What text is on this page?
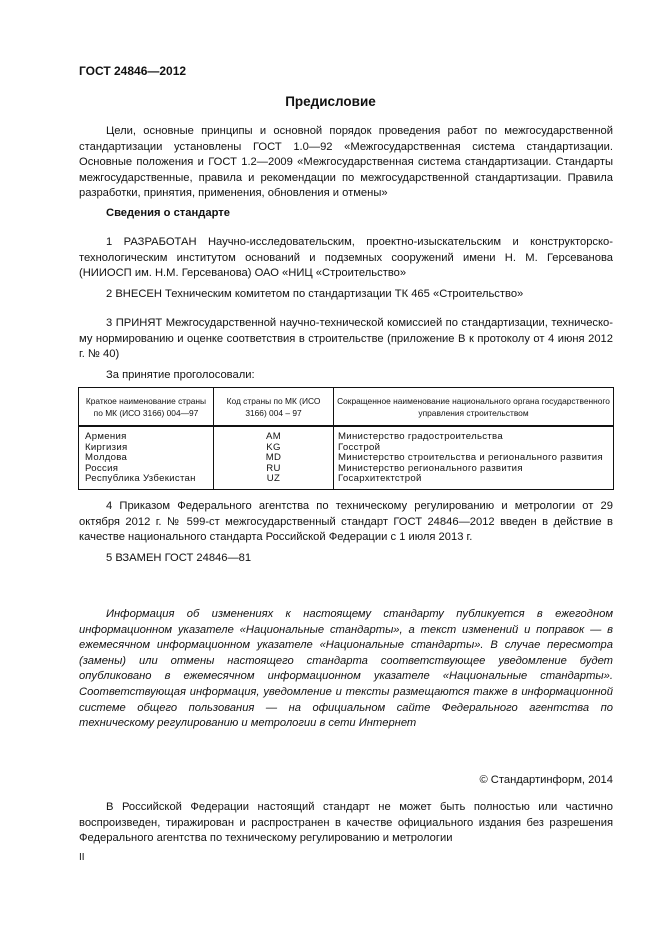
ГОСТ 24846—2012
Предисловие
Цели, основные принципы и основной порядок проведения работ по межгосударственной стандартизации установлены ГОСТ 1.0—92 «Межгосударственная система стандартизации. Основные положения и ГОСТ 1.2—2009 «Межгосударственная система стандартизации. Стандарты межгосударственные, правила и рекомендации по межгосударственной стандартизации. Правила разработки, принятия, применения, обновления и отмены»
Сведения о стандарте
1 РАЗРАБОТАН Научно-исследовательским, проектно-изыскательским и конструкторско-технологическим институтом оснований и подземных сооружений имени Н. М. Герсеванова (НИИОСП им. Н.М. Герсеванова) ОАО «НИЦ «Строительство»
2 ВНЕСЕН Техническим комитетом по стандартизации ТК 465 «Строительство»
3 ПРИНЯТ Межгосударственной научно-технической комиссией по стандартизации, техническому нормированию и оценке соответствия в строительстве (приложение В к протоколу от 4 июня 2012 г. № 40)
За принятие проголосовали:
Краткое наименование страны по МК (ИСО 3166) 004—97	Код страны по МК (ИСО 3166) 004 – 97	Сокращенное наименование национального органа государственного управления строительством
Армения	AM	Министерство градостроительства
Киргизия	KG	Госстрой
Молдова	MD	Министерство строительства и регионального развития
Россия	RU	Министерство регионального развития
Республика Узбекистан	UZ	Госархитектстрой
4 Приказом Федерального агентства по техническому регулированию и метрологии от 29 октября 2012 г. № 599-ст межгосударственный стандарт ГОСТ 24846—2012 введен в действие в качестве национального стандарта Российской Федерации с 1 июля 2013 г.
5 ВЗАМЕН ГОСТ 24846—81
Информация об изменениях к настоящему стандарту публикуется в ежегодном информационном указателе «Национальные стандарты», а текст изменений и поправок — в ежемесячном информационном указателе «Национальные стандарты». В случае пересмотра (замены) или отмены настоящего стандарта соответствующее уведомление будет опубликовано в ежемесячном информационном указателе «Национальные стандарты». Соответствующая информация, уведомление и тексты размещаются также в информационной системе общего пользования — на официальном сайте Федерального агентства по техническому регулированию и метрологии в сети Интернет
© Стандартинформ, 2014
В Российской Федерации настоящий стандарт не может быть полностью или частично воспроизведен, тиражирован и распространен в качестве официального издания без разрешения Федерального агентства по техническому регулированию и метрологии
II
